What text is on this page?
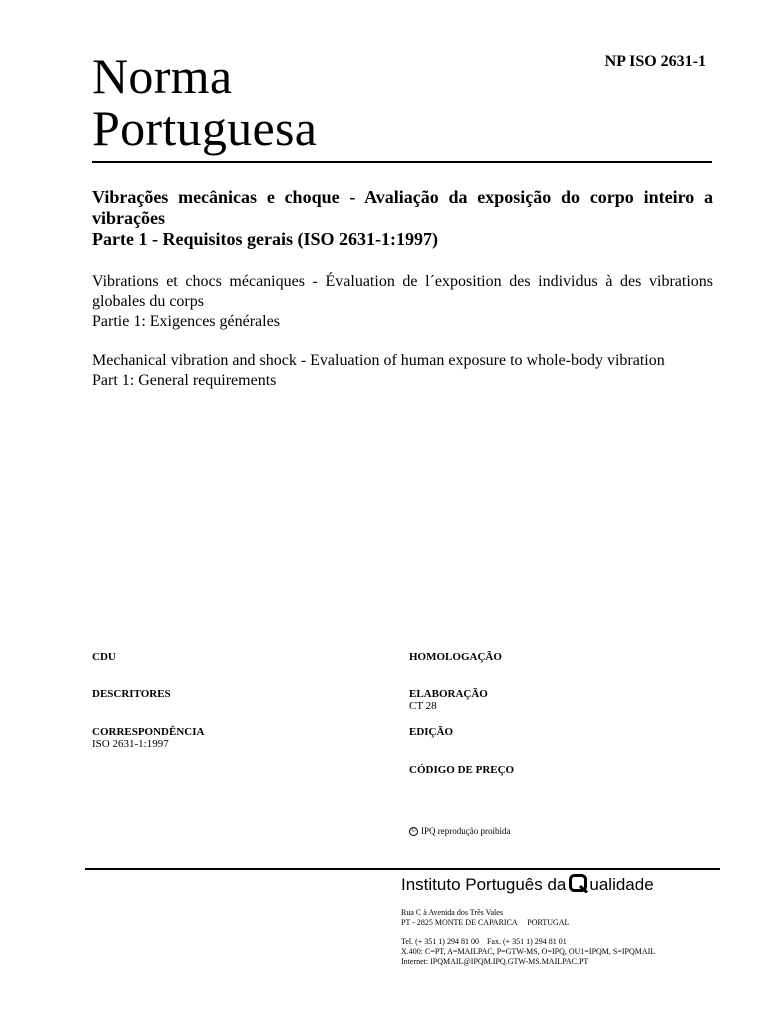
Norma
Portuguesa
NP ISO 2631-1
Vibrações mecânicas e choque - Avaliação da exposição do corpo inteiro a vibrações
Parte 1 - Requisitos gerais (ISO 2631-1:1997)
Vibrations et chocs mécaniques - Évaluation de l´exposition des individus à des vibrations globales du corps
Partie 1: Exigences générales
Mechanical vibration and shock - Evaluation of human exposure to whole-body vibration
Part 1: General requirements
CDU
DESCRITORES
CORRESPONDÊNCIA
ISO 2631-1:1997
HOMOLOGAÇÃO
ELABORAÇÃO
CT 28
EDIÇÃO
CÓDIGO DE PREÇO
© IPQ reprodução proibida
Instituto Português da ualidade
Rua C à Avenida dos Três Vales
PT - 2825 MONTE DE CAPARICA     PORTUGAL
Tel. (+ 351 1) 294 81 00    Fax. (+ 351 1) 294 81 01
X.400: C=PT, A=MAILPAC, P=GTW-MS, O=IPQ, OU1=IPQM, S=IPQMAIL
Internet: IPQMAIL@IPQM.IPQ.GTW-MS.MAILPAC.PT
